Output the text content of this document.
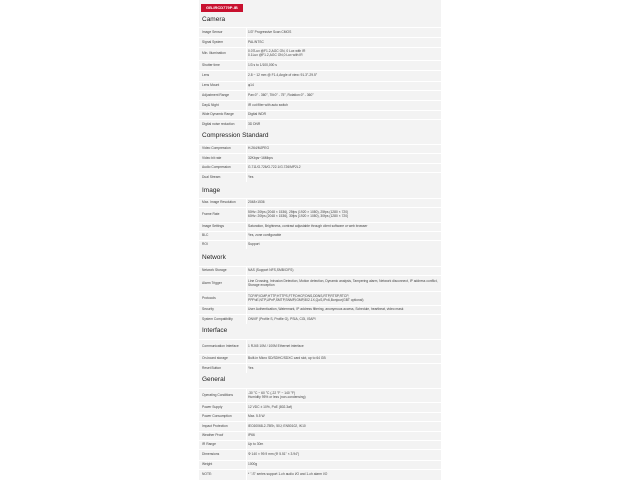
GB-IRCD779P-IB
Camera
Image Sensor	1/3" Progressive Scan CMOS
Signal System	PAL/NTSC
Min. Illumination	0.07Lux @F1.2,AGC ON, 0 Lux with IR
0.1Lux @F1.2,AGC ON,0 Lux with IR
Shutter time	1/3 s to 1/100,000 s
Lens	2.8 ~ 12 mm @ F1.4,Angle of view: 91.3°-29.5°
Lens Mount	φ14
Adjustment Range	Pan:0° - 360°, Tilt:0° - 75°, Rotation:0° - 360°
Day& Night	IR cut filter with auto switch
Wide Dynamic Range	Digital WDR
Digital noise reduction	3D DNR
Compression Standard
Video Compression	H.264/MJPEG
Video bit rate	32Kbps~16Mbps
Audio Compression	G.711/G.726/G.722.1/G.726/MP2L2
Dual Stream	Yes
Image
Max. Image Resolution	2048×1536
Frame Rate	50Hz: 20fps (2048 × 1536), 25fps (1920 × 1080), 25fps (1280 × 720)
60Hz: 20fps (2048 × 1536), 30fps (1920 × 1080), 30fps (1280 × 720)
Image Settings	Saturation, Brightness, contrast adjustable through client software or web browser
BLC	Yes, zone configurable
ROI	Support
Network
Network Storage	NAS (Support NFS,SMB/CIFS)
Alarm Trigger	Line Crossing, Intrusion Detection, Motion detection, Dynamic analysis, Tampering alarm, Network disconnect, IP address conflict, Storage exception
Protocols	TCP/IP,ICMP,HTTP,HTTPS,FTP,DHCP,DNS,DDNS,RTP,RTSP,RTCP,
PPPoE,NTP,UPnP,SMTP,SNMP,IGMP,802.1X,QoS,IPv6,Bonjour(GBT optional)
Security	User Authentication, Watermark, IP address filtering, anonymous access, Schedule, heartbeat, video mask
System Compatibility	ONVIF (Profile S, Profile G), PSIA, CGI, ISAPI
Interface
Communication Interface	1 RJ45 10M / 100M Ethernet interface
On-board storage	Built-in Micro SD/SDHC/SDXC card slot, up to 64 GB
Reset Button	Yes
General
Operating Conditions	-30 °C ~ 60 °C (-22 °F ~ 140 °F)
Humidity 95% or less (non-condensing)
Power Supply	12 VDC ± 10%, PoE (802.3af)
Power Consumption	Max. 5.5 W
Impact Protection	IEC60068-2-75Eh, 50J; EN50102, IK10
Weather Proof	IP66
IR Range	Up to 30m
Dimensions	Φ 140 × 99.9 mm (Φ 5.51" × 3.94")
Weight	1000g
NOTE:	* "-S" series support 1-ch audio I/O and 1-ch alarm I/O
